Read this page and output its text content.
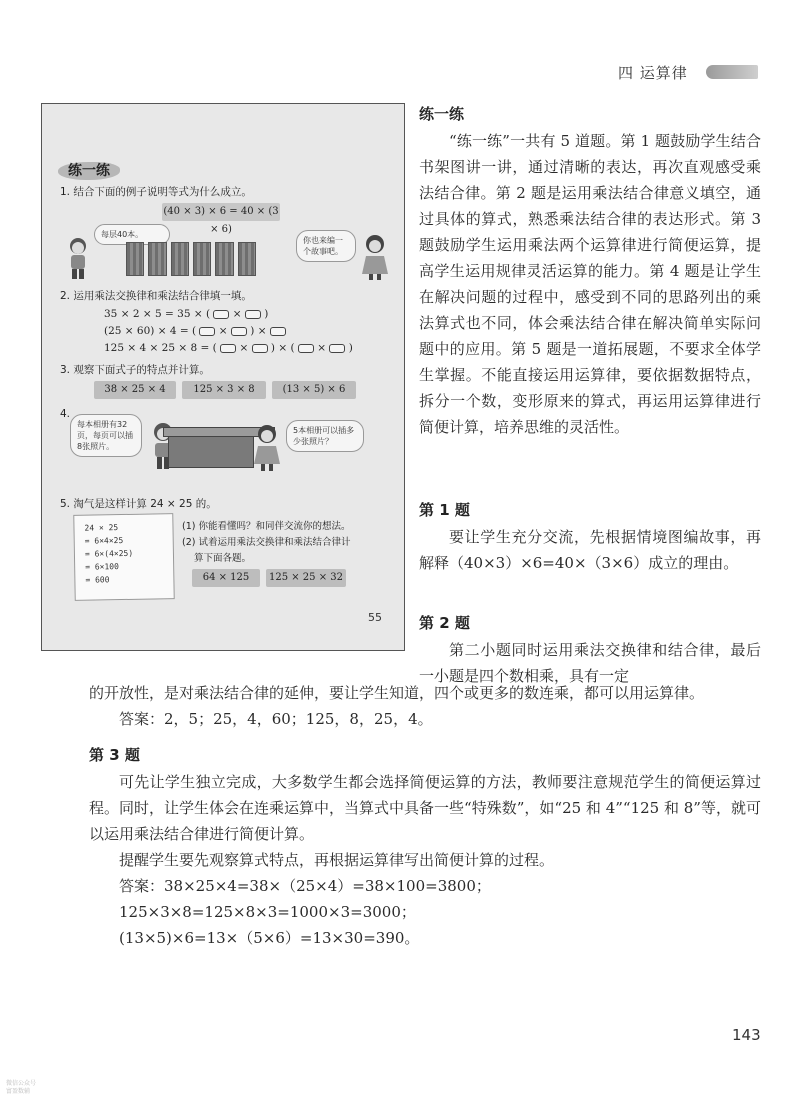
四 运算律
练一练
1. 结合下面的例子说明等式为什么成立。
(40 × 3) × 6 = 40 × (3 × 6)
每层40本。
你也来编一个故事吧。
2. 运用乘法交换律和乘法结合律填一填。
35 × 2 × 5 = 35 × (  ×  )
(25 × 60) × 4 = (  ×  ) ×
125 × 4 × 25 × 8 = (  ×  ) × (  ×  )
3. 观察下面式子的特点并计算。
38 × 25 × 4	125 × 3 × 8	(13 × 5) × 6
4.
每本相册有32页，每页可以插8张照片。
5本相册可以插多少张照片？
5. 淘气是这样计算 24 × 25 的。
24 × 25
= 6×4×25
= 6×(4×25)
= 6×100
= 600
(1) 你能看懂吗？和同伴交流你的想法。
(2) 试着运用乘法交换律和乘法结合律计
算下面各题。
64 × 125	125 × 25 × 32
55
练一练
“练一练”一共有 5 道题。第 1 题鼓励学生结合书架图讲一讲，通过清晰的表达，再次直观感受乘法结合律。第 2 题是运用乘法结合律意义填空，通过具体的算式，熟悉乘法结合律的表达形式。第 3 题鼓励学生运用乘法两个运算律进行简便运算，提高学生运用规律灵活运算的能力。第 4 题是让学生在解决问题的过程中，感受到不同的思路列出的乘法算式也不同，体会乘法结合律在解决简单实际问题中的应用。第 5 题是一道拓展题，不要求全体学生掌握。不能直接运用运算律，要依据数据特点，拆分一个数，变形原来的算式，再运用运算律进行简便计算，培养思维的灵活性。
第 1 题
要让学生充分交流，先根据情境图编故事，再解释（40×3）×6=40×（3×6）成立的理由。
第 2 题
第二小题同时运用乘法交换律和结合律，最后一小题是四个数相乘，具有一定
的开放性，是对乘法结合律的延伸，要让学生知道，四个或更多的数连乘，都可以用运算律。
答案：2，5；25，4，60；125，8，25，4。
第 3 题
可先让学生独立完成，大多数学生都会选择简便运算的方法，教师要注意规范学生的简便运算过程。同时，让学生体会在连乘运算中，当算式中具备一些“特殊数”，如“25 和 4”“125 和 8”等，就可以运用乘法结合律进行简便计算。
提醒学生要先观察算式特点，再根据运算律写出简便计算的过程。
答案：38×25×4=38×（25×4）=38×100=3800；
125×3×8=125×8×3=1000×3=3000；
(13×5)×6=13×（5×6）=13×30=390。
143
微信公众号
富盈数辅
